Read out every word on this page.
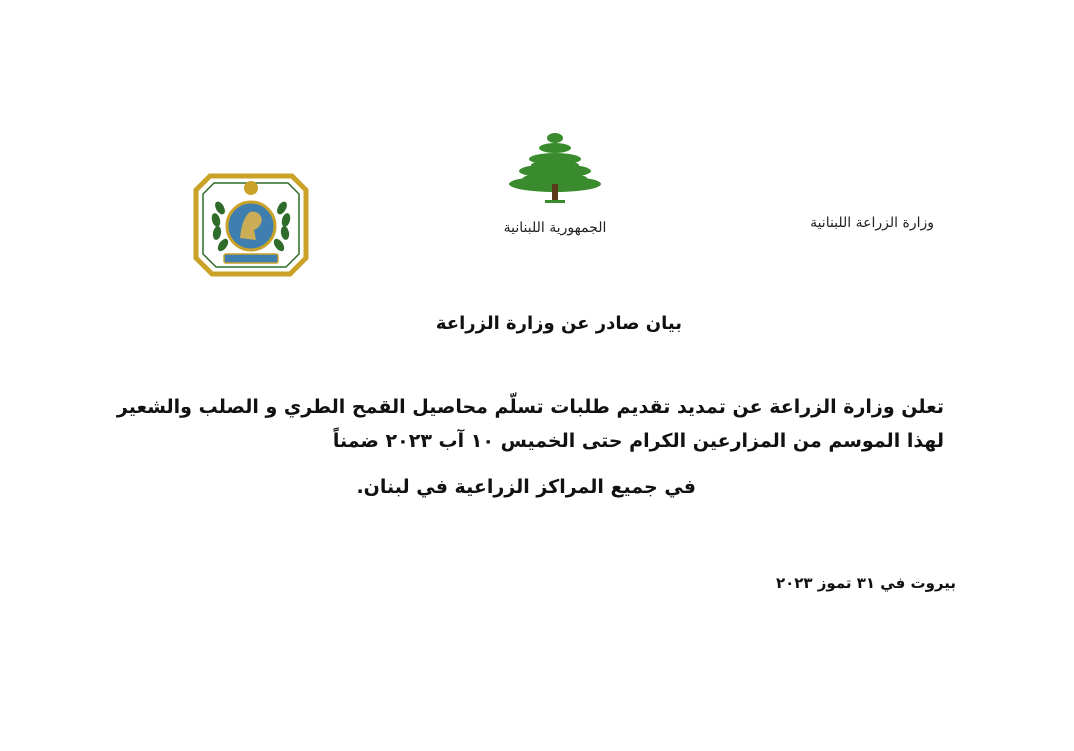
وزارة الزراعة اللبنانية
الجمهورية اللبنانية
بيان صادر عن وزارة الزراعة
تعلن وزارة الزراعة عن تمديد تقديم طلبات تسلّم محاصيل القمح الطري و الصلب والشعير
لهذا الموسم من المزارعين الكرام حتى الخميس ١٠ آب ٢٠٢٣ ضمناً
في جميع المراكز الزراعية في لبنان.
بيروت في ٣١ تموز ٢٠٢٣
